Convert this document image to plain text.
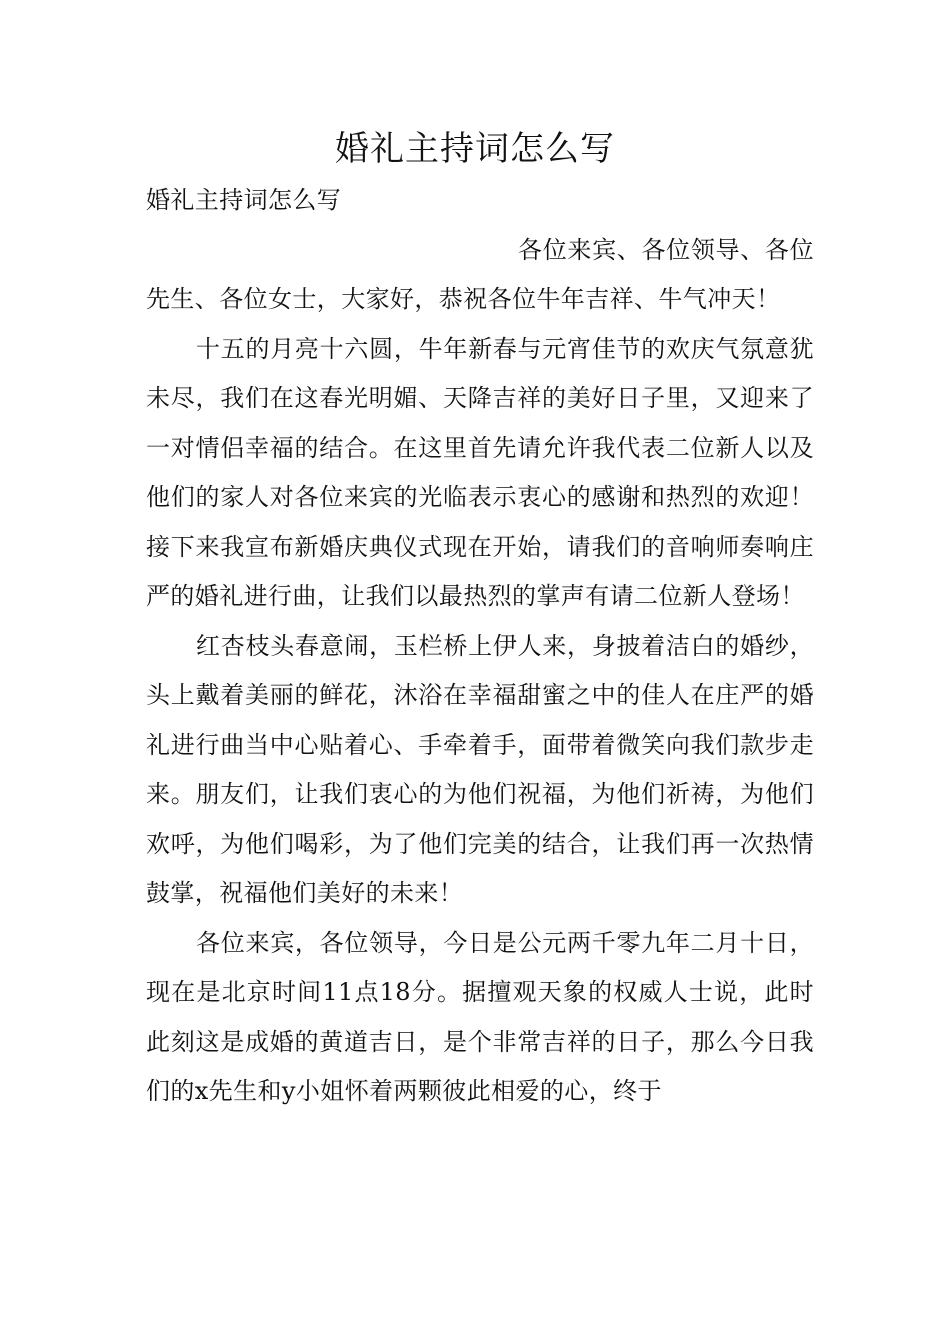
婚礼主持词怎么写

婚礼主持词怎么写

各位来宾、各位领导、各位先生、各位女士，大家好，恭祝各位牛年吉祥、牛气冲天！

十五的月亮十六圆，牛年新春与元宵佳节的欢庆气氛意犹未尽，我们在这春光明媚、天降吉祥的美好日子里，又迎来了一对情侣幸福的结合。在这里首先请允许我代表二位新人以及他们的家人对各位来宾的光临表示衷心的感谢和热烈的欢迎！接下来我宣布新婚庆典仪式现在开始，请我们的音响师奏响庄严的婚礼进行曲，让我们以最热烈的掌声有请二位新人登场！

红杏枝头春意闹，玉栏桥上伊人来，身披着洁白的婚纱，头上戴着美丽的鲜花，沐浴在幸福甜蜜之中的佳人在庄严的婚礼进行曲当中心贴着心、手牵着手，面带着微笑向我们款步走来。朋友们，让我们衷心的为他们祝福，为他们祈祷，为他们欢呼，为他们喝彩，为了他们完美的结合，让我们再一次热情鼓掌，祝福他们美好的未来！

各位来宾，各位领导，今日是公元两千零九年二月十日，现在是北京时间11点18分。据擅观天象的权威人士说，此时此刻这是成婚的黄道吉日，是个非常吉祥的日子，那么今日我们的x先生和y小姐怀着两颗彼此相爱的心，终于
